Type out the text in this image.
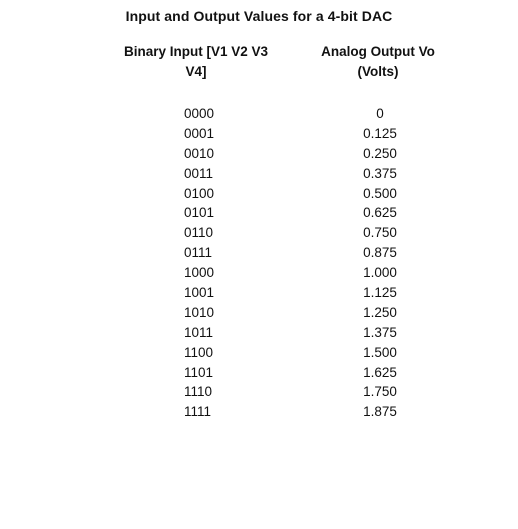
Input and Output Values for a 4-bit DAC
Binary Input [V1 V2 V3
V4]
Analog Output Vo
(Volts)
0000	0
0001	0.125
0010	0.250
0011	0.375
0100	0.500
0101	0.625
0110	0.750
0111	0.875
1000	1.000
1001	1.125
1010	1.250
1011	1.375
1100	1.500
1101	1.625
1110	1.750
1111	1.875
